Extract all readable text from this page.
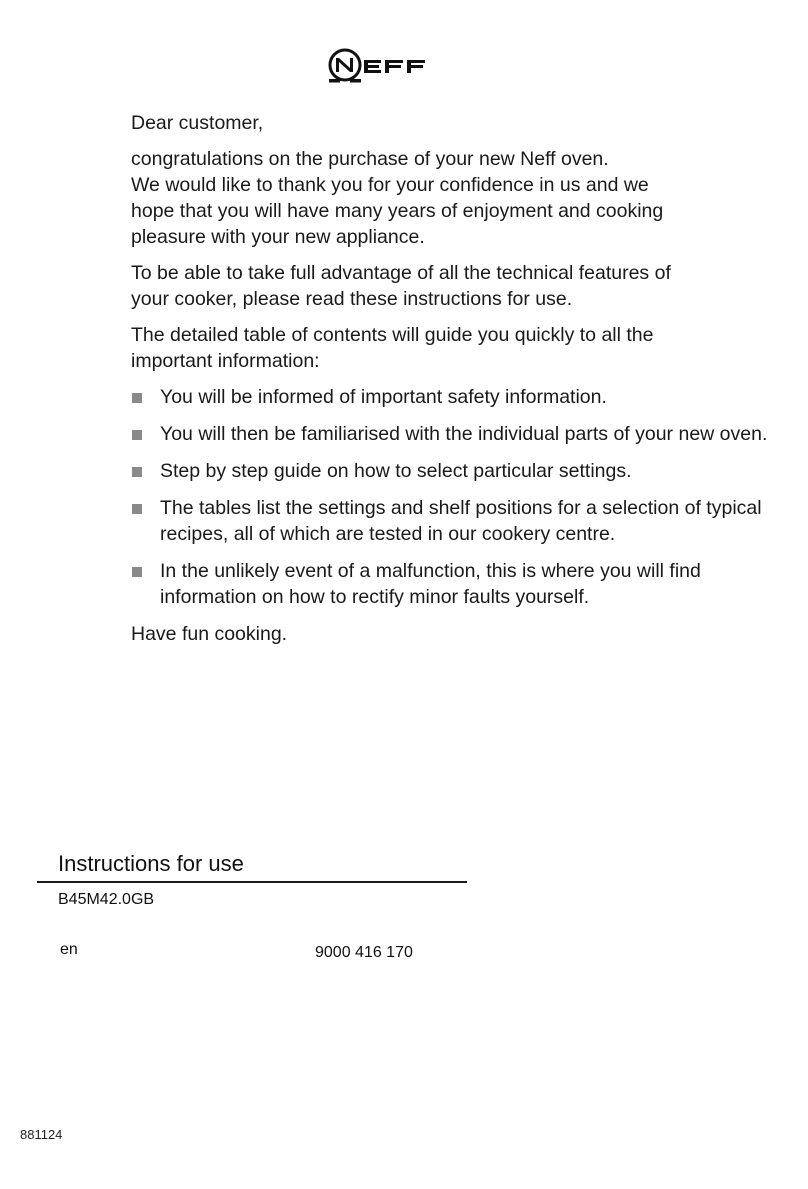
NEFF

Dear customer,

congratulations on the purchase of your new Neff oven.
We would like to thank you for your confidence in us and we
hope that you will have many years of enjoyment and cooking
pleasure with your new appliance.

To be able to take full advantage of all the technical features of
your cooker, please read these instructions for use.

The detailed table of contents will guide you quickly to all the
important information:

You will be informed of important safety information.
You will then be familiarised with the individual parts of your new oven.
Step by step guide on how to select particular settings.
The tables list the settings and shelf positions for a selection of typical
recipes, all of which are tested in our cookery centre.
In the unlikely event of a malfunction, this is where you will find
information on how to rectify minor faults yourself.

Have fun cooking.

Instructions for use
B45M42.0GB
en	9000 416 170
881124
